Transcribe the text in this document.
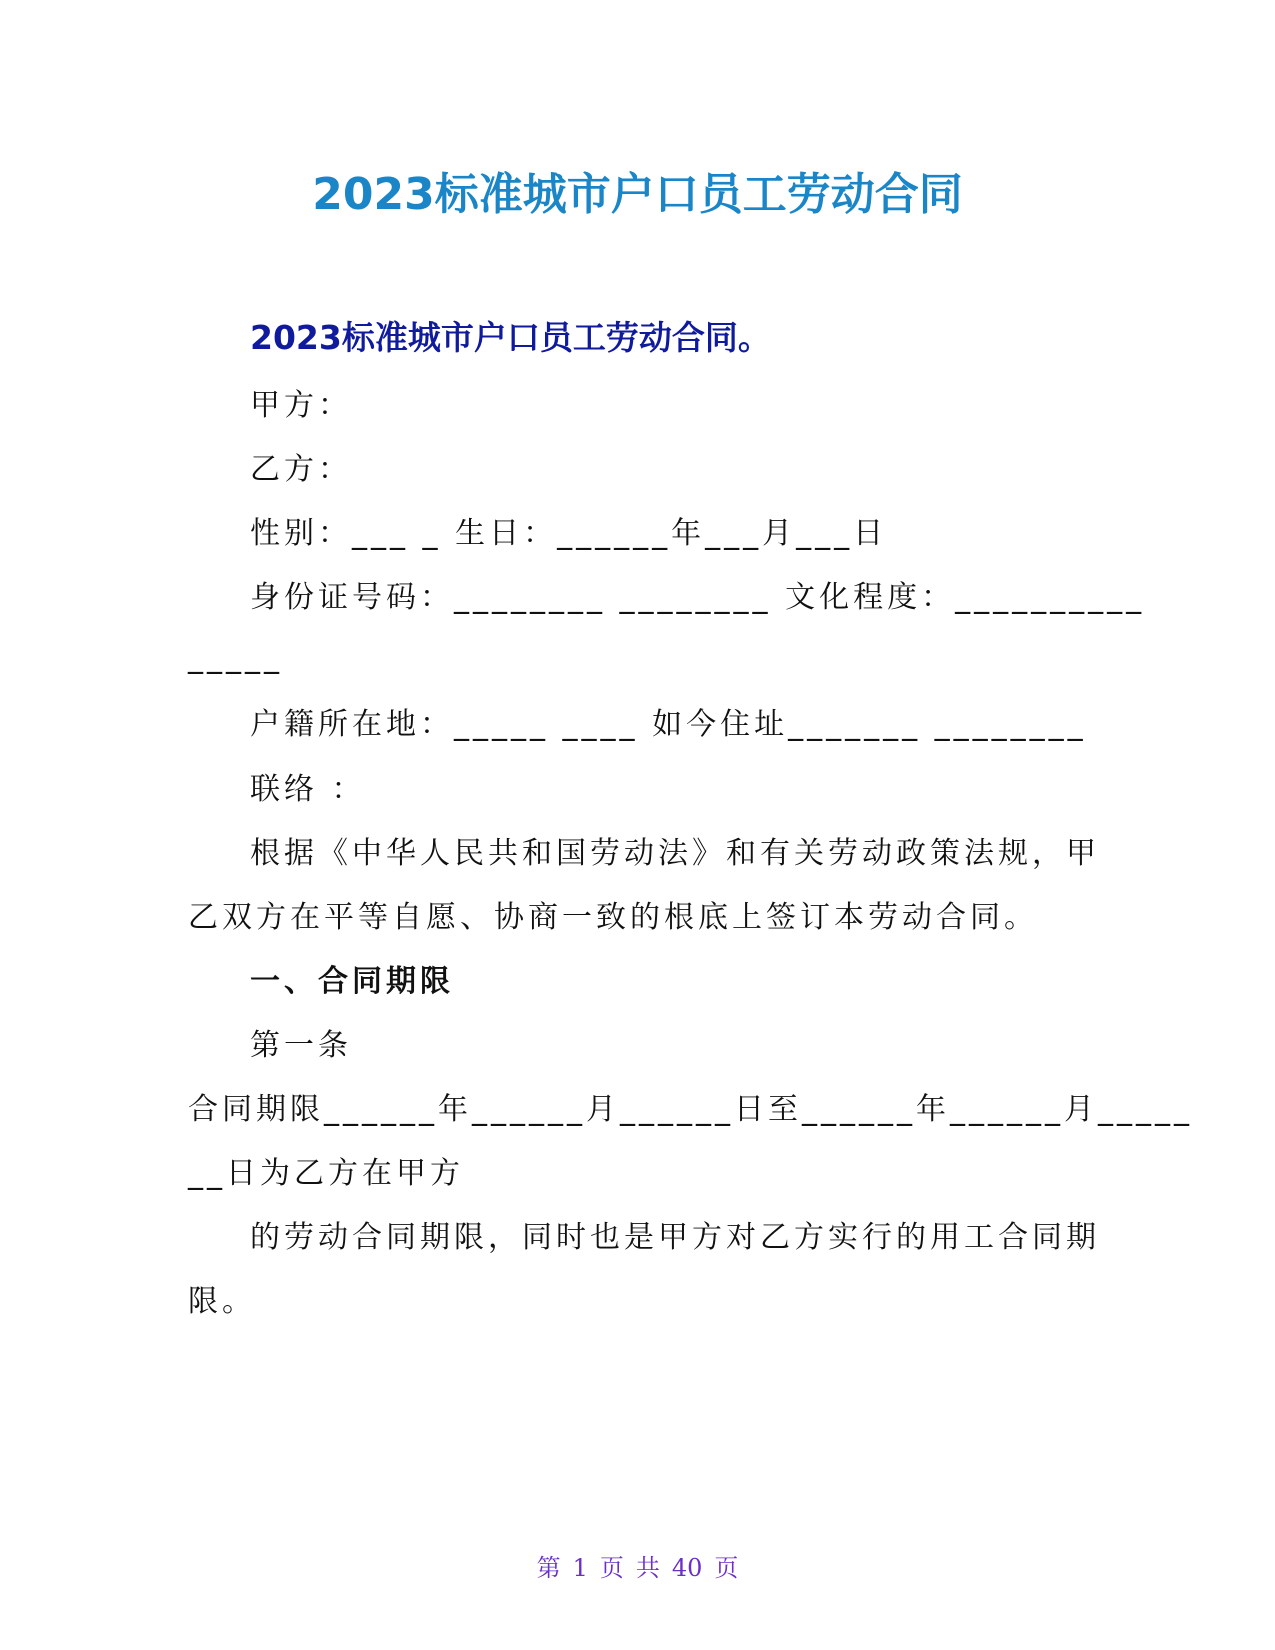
2023标准城市户口员工劳动合同
2023标准城市户口员工劳动合同。
甲方：
乙方：
性别：___ _ 生日：______年___月___日
身份证号码：________ ________ 文化程度：__________
_____
户籍所在地：_____ ____ 如今住址_______ ________
联络 ：
根据《中华人民共和国劳动法》和有关劳动政策法规，甲
乙双方在平等自愿、协商一致的根底上签订本劳动合同。
一、合同期限
第一条
合同期限______年______月______日至______年______月_____
__日为乙方在甲方
的劳动合同期限，同时也是甲方对乙方实行的用工合同期
限。
第 1 页 共 40 页
